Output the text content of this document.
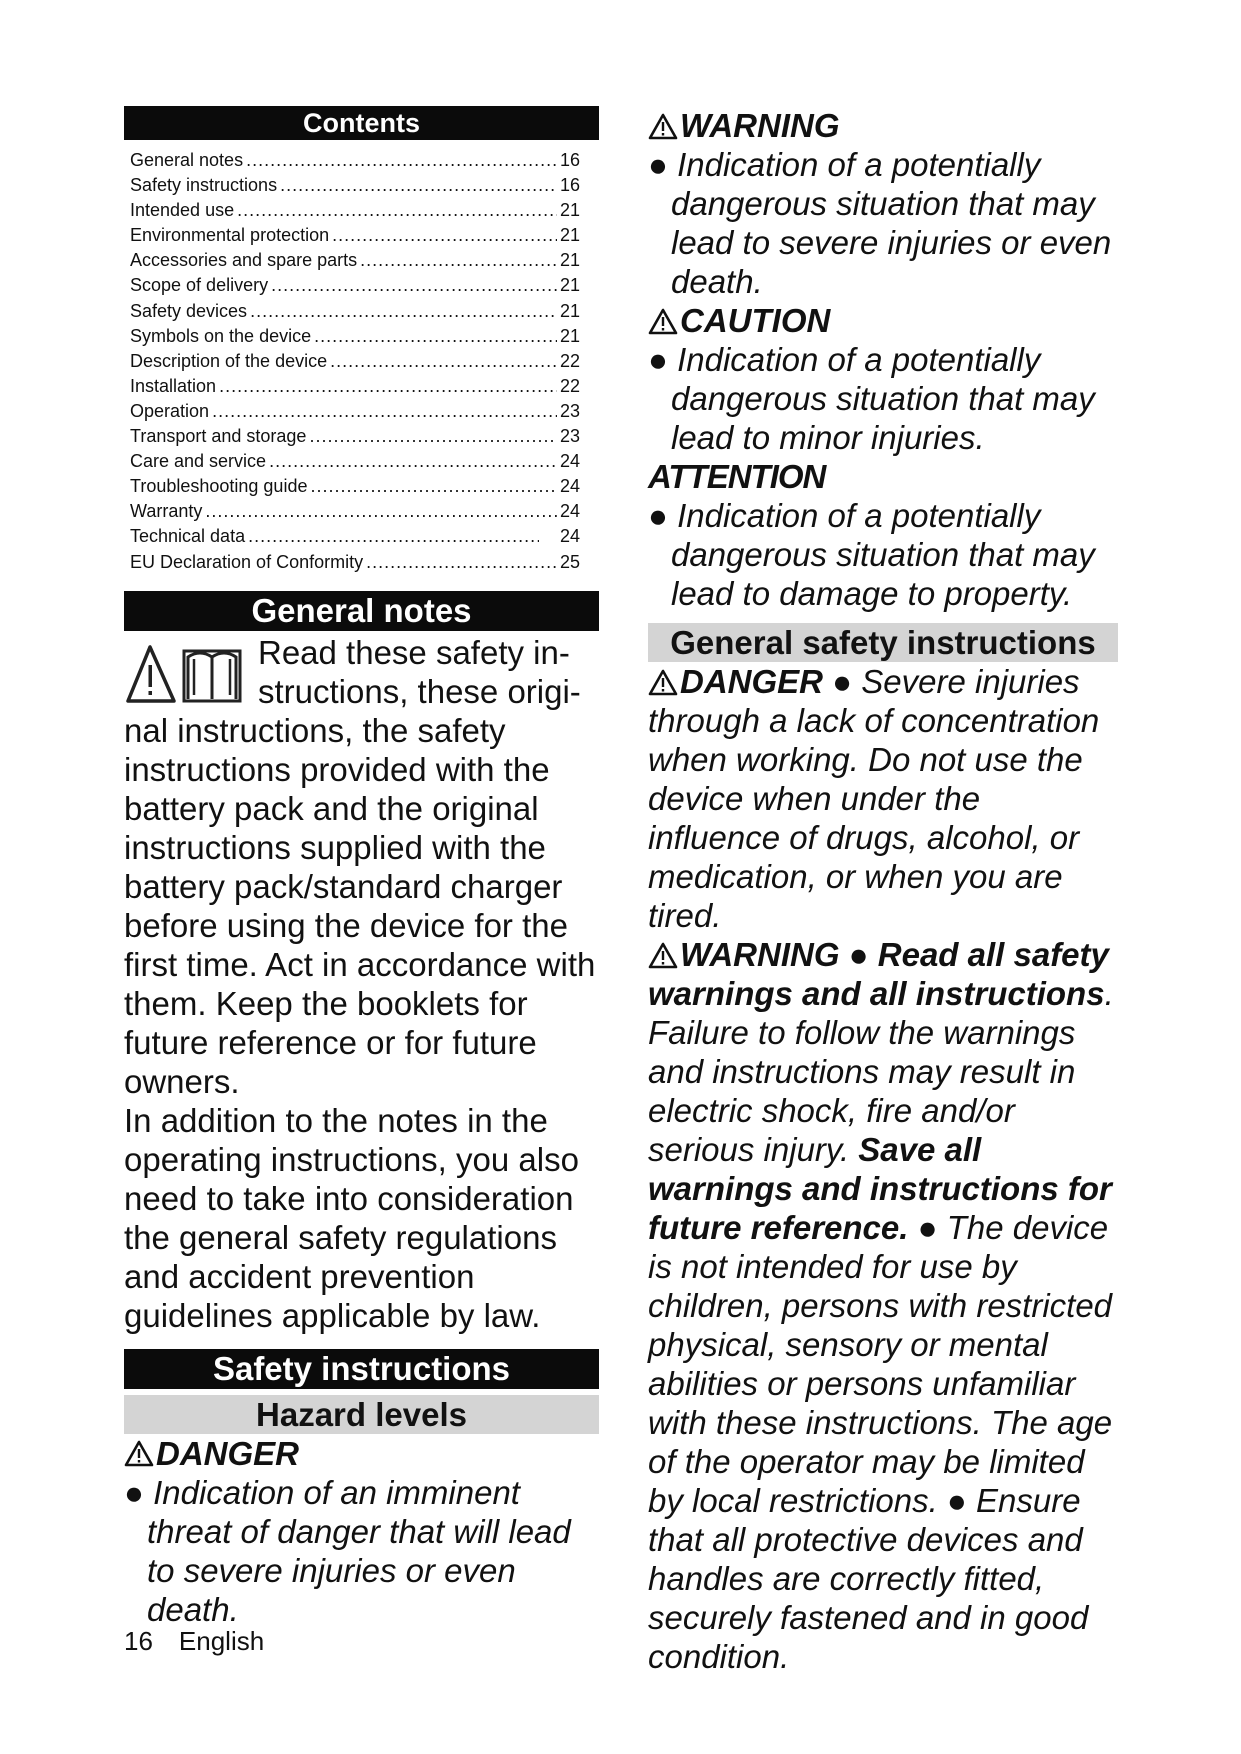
Contents
General notes .....	16
Safety instructions .....	16
Intended use .....	21
Environmental protection .....	21
Accessories and spare parts .....	21
Scope of delivery .....	21
Safety devices .....	21
Symbols on the device .....	21
Description of the device .....	22
Installation .....	22
Operation .....	23
Transport and storage .....	23
Care and service .....	24
Troubleshooting guide .....	24
Warranty .....	24
Technical data .....	24
EU Declaration of Conformity .....	25
General notes

Read these safety in-
structions, these origi-

nal instructions, the safety instructions provided with the battery pack and the original instructions supplied with the battery pack/standard charger before using the device for the first time. Act in accordance with them. Keep the booklets for future reference or for future owners.

In addition to the notes in the operating instructions, you also need to take into consideration the general safety regulations and accident prevention guidelines applicable by law.

Safety instructions
Hazard levels

DANGER

● Indication of an imminent threat of danger that will lead to severe injuries or even death.

WARNING

● Indication of a potentially dangerous situation that may lead to severe injuries or even death.

CAUTION

● Indication of a potentially dangerous situation that may lead to minor injuries.

ATTENTION

● Indication of a potentially dangerous situation that may lead to damage to property.

General safety instructions

DANGER ● Severe injuries through a lack of concentration when working. Do not use the device when under the influence of drugs, alcohol, or medication, or when you are tired.
WARNING ● Read all safety warnings and all instructions. Failure to follow the warnings and instructions may result in electric shock, fire and/or serious injury. Save all warnings and instructions for future reference. ● The device is not intended for use by children, persons with restricted physical, sensory or mental abilities or persons unfamiliar with these instructions. The age of the operator may be limited by local restrictions. ● Ensure that all protective devices and handles are correctly fitted, securely fastened and in good condition.

16 English
